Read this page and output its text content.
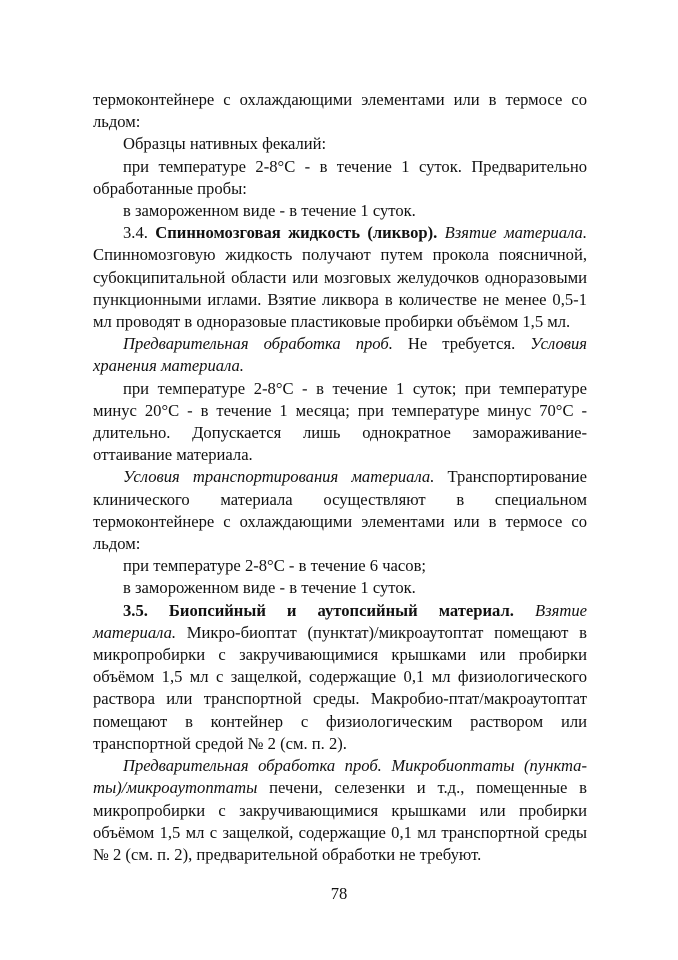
термоконтейнере с охлаждающими элементами или в термосе со льдом:

Образцы нативных фекалий:

при температуре 2-8°С - в течение 1 суток. Предварительно обработанные пробы:

в замороженном виде - в течение 1 суток.

3.4. Спинномозговая жидкость (ликвор). Взятие материала. Спинномозговую жидкость получают путем прокола поясничной, субокципитальной области или мозговых желудочков одноразовыми пункционными иглами. Взятие ликвора в количестве не менее 0,5-1 мл проводят в одноразовые пластиковые пробирки объёмом 1,5 мл.

Предварительная обработка проб. Не требуется. Условия хранения материала.

при температуре 2-8°С - в течение 1 суток; при температуре минус 20°С - в течение 1 месяца; при температуре минус 70°С - длительно. Допускается лишь однократное замораживание-оттаивание материала.

Условия транспортирования материала. Транспортирование клинического материала осуществляют в специальном термоконтейнере с охлаждающими элементами или в термосе со льдом:

при температуре 2-8°С - в течение 6 часов;

в замороженном виде - в течение 1 суток.

3.5. Биопсийный и аутопсийный материал. Взятие материала. Микро-биоптат (пунктат)/микроаутоптат помещают в микропробирки с закручивающимися крышками или пробирки объёмом 1,5 мл с защелкой, содержащие 0,1 мл физиологического раствора или транспортной среды. Макробио-птат/макроаутоптат помещают в контейнер с физиологическим раствором или транспортной средой № 2 (см. п. 2).

Предварительная обработка проб. Микробиоптаты (пункта-ты)/микроаутоптаты печени, селезенки и т.д., помещенные в микропробирки с закручивающимися крышками или пробирки объёмом 1,5 мл с защелкой, содержащие 0,1 мл транспортной среды № 2 (см. п. 2), предварительной обработки не требуют.

78
